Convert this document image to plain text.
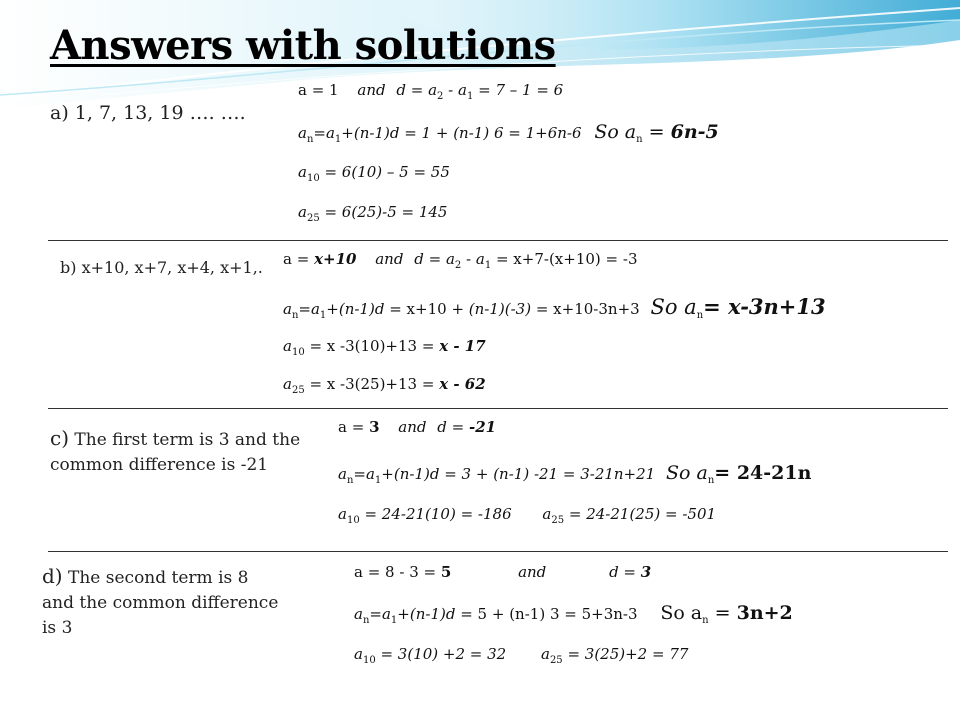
Answers with solutions
a) 1, 7, 13, 19 …. ….
a = 1 and $d = a_2 - a_1 = 7 - 1 = 6$
$a_n=a_1+(n-1)d = 1 + (n-1) 6 = 1+6n-6$ So $a_n = 6n-5$
$a_{10} = 6(10) - 5 = 55$
$a_{25} = 6(25)-5 = 145$
b) x+10, x+7, x+4, x+1,. a = x+10 and $d = a_2 - a_1 = x+7-(x+10) = -3$
$a_n=a_1+(n-1)d = x+10 + (n-1)(-3) = x+10-3n+3$ So $a_n= x-3n+13$
$a_{10} = x$ -3(10)+13 = x - 17
$a_{25} = x$ -3(25)+13 = x - 62
c) The first term is 3 and the common difference is -21
a = 3 and d = -21
$a_n=a_1+(n-1)d = 3 + (n-1) -21 = 3-21n+21$ So $a_n= 24-21n$
$a_{10} = 24-21(10) = -186$ $a_{25} = 24-21(25) = -501$
d) The second term is 8 and the common difference is 3
a = 8 - 3 = 5	and	d = 3
$a_n=a_1+(n-1)d = 5 + (n-1) 3 = 5+3n-3$ So $a_n = 3n+2$
$a_{10} = 3(10) +2 = 32$ $a_{25} = 3(25)+2 = 77$
